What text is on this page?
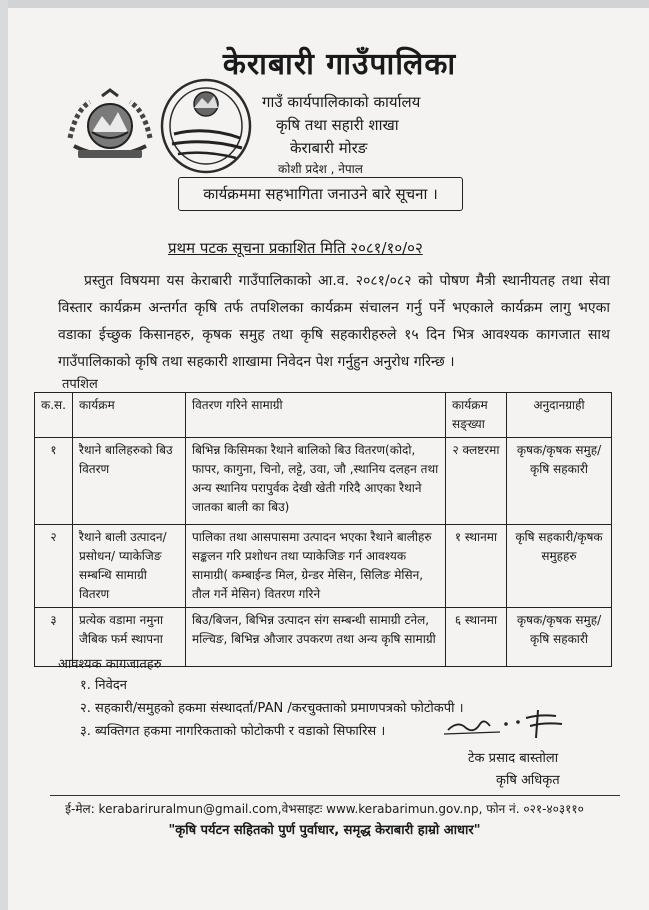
केराबारी गाउँपालिका
गाउँ कार्यपालिकाको कार्यालय
कृषि तथा सहारी शाखा
केराबारी मोरङ
कोशी प्रदेश , नेपाल
कार्यक्रममा सहभागिता जनाउने बारे सूचना ।
प्रथम पटक सूचना प्रकाशित मिति २०८१/१०/०२

प्रस्तुत विषयमा यस केराबारी गाउँपालिकाको आ.व. २०८१/०८२ को पोषण मैत्री स्थानीयतह तथा सेवा विस्तार कार्यक्रम अन्तर्गत कृषि तर्फ तपशिलका कार्यक्रम संचालन गर्नु पर्ने भएकाले कार्यक्रम लागु भएका वडाका ईच्छुक किसानहरु, कृषक समुह तथा कृषि सहकारीहरुले १५ दिन भित्र आवश्यक कागजात साथ गाउँपालिकाको कृषि तथा सहकारी शाखामा निवेदन पेश गर्नुहुन अनुरोध गरिन्छ ।

तपशिल
क.स.	कार्यक्रम	वितरण गरिने सामाग्री	कार्यक्रम सङ्ख्या	अनुदानग्राही
१	रैथाने बालिहरुको बिउ वितरण	बिभिन्न किसिमका रैथाने बालिको बिउ वितरण(कोदो, फापर, कागुना, चिनो, लट्टे, उवा, जौ ,स्थानिय दलहन तथा अन्य स्थानिय परापुर्वक देखी खेती गरिदै आएका रैथाने जातका बाली का बिउ)	२ क्लष्टरमा	कृषक/कृषक समुह/कृषि सहकारी
२	रैथाने बाली उत्पादन/ प्रसोधन/ प्याकेजिङ सम्बन्धि सामाग्री वितरण	पालिका तथा आसपासमा उत्पादन भएका रैथाने बालीहरु सङ्कलन गरि प्रशोधन तथा प्याकेजिङ गर्न आवश्यक सामाग्री( कम्बाईन्ड मिल, ग्रेन्डर मेसिन, सिलिङ मेसिन, तौल गर्ने मेसिन) वितरण गरिने	१ स्थानमा	कृषि सहकारी/कृषक समुहहरु
३	प्रत्येक वडामा नमुना जैबिक फर्म स्थापना	बिउ/बिजन, बिभिन्न उत्पादन संग सम्बन्धी सामाग्री टनेल, मल्चिङ, बिभिन्न औजार उपकरण तथा अन्य कृषि सामाग्री	६ स्थानमा	कृषक/कृषक समुह/कृषि सहकारी
आवश्यक कागजातहरु
१. निवेदन
२. सहकारी/समुहको हकमा संस्थादर्ता/PAN /करचुक्ताको प्रमाणपत्रको फोटोकपी ।
३. ब्यक्तिगत हकमा नागरिकताको फोटोकपी र वडाको सिफारिस ।
टेक प्रसाद बास्तोला
कृषि अधिकृत
ई-मेल: kerabariruralmun@gmail.com,वेभसाइटः www.kerabarimun.gov.np, फोन नं. ०२१-४०३११०
"कृषि पर्यटन सहितको पुर्ण पुर्वाधार, समृद्ध केराबारी हाम्रो आधार"
